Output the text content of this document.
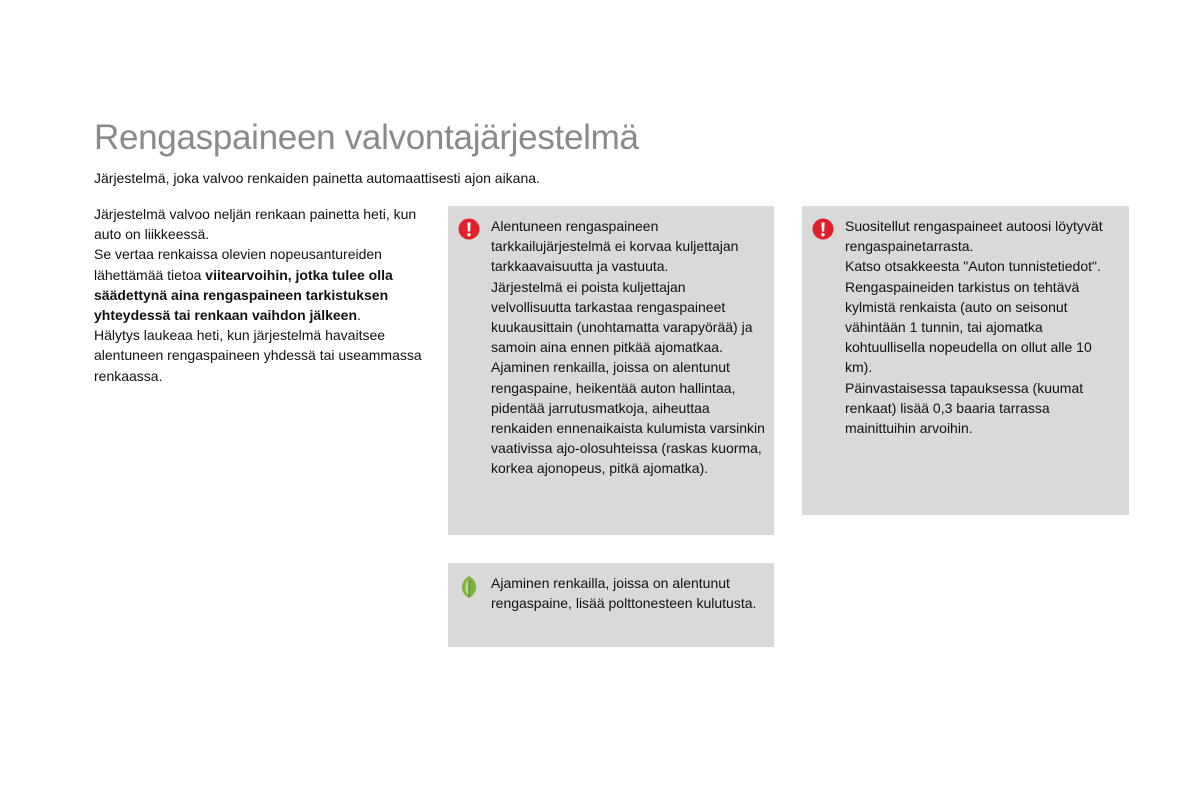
Rengaspaineen valvontajärjestelmä

Järjestelmä, joka valvoo renkaiden painetta automaattisesti ajon aikana.

Järjestelmä valvoo neljän renkaan painetta heti, kun auto on liikkeessä.

Se vertaa renkaissa olevien nopeusantureiden lähettämää tietoa viitearvoihin, jotka tulee olla säädettynä aina rengaspaineen tarkistuksen yhteydessä tai renkaan vaihdon jälkeen.

Hälytys laukeaa heti, kun järjestelmä havaitsee alentuneen rengaspaineen yhdessä tai useammassa renkaassa.

Alentuneen rengaspaineen tarkkailujärjestelmä ei korvaa kuljettajan tarkkaavaisuutta ja vastuuta.

Järjestelmä ei poista kuljettajan velvollisuutta tarkastaa rengaspaineet kuukausittain (unohtamatta varapyörää) ja samoin aina ennen pitkää ajomatkaa.

Ajaminen renkailla, joissa on alentunut rengaspaine, heikentää auton hallintaa, pidentää jarrutusmatkoja, aiheuttaa renkaiden ennenaikaista kulumista varsinkin vaativissa ajo-olosuhteissa (raskas kuorma, korkea ajonopeus, pitkä ajomatka).

Suositellut rengaspaineet autoosi löytyvät rengaspainetarrasta.

Katso otsakkeesta "Auton tunnistetiedot".

Rengaspaineiden tarkistus on tehtävä kylmistä renkaista (auto on seisonut vähintään 1 tunnin, tai ajomatka kohtuullisella nopeudella on ollut alle 10 km).

Päinvastaisessa tapauksessa (kuumat renkaat) lisää 0,3 baaria tarrassa mainittuihin arvoihin.

Ajaminen renkailla, joissa on alentunut rengaspaine, lisää polttonesteen kulutusta.
